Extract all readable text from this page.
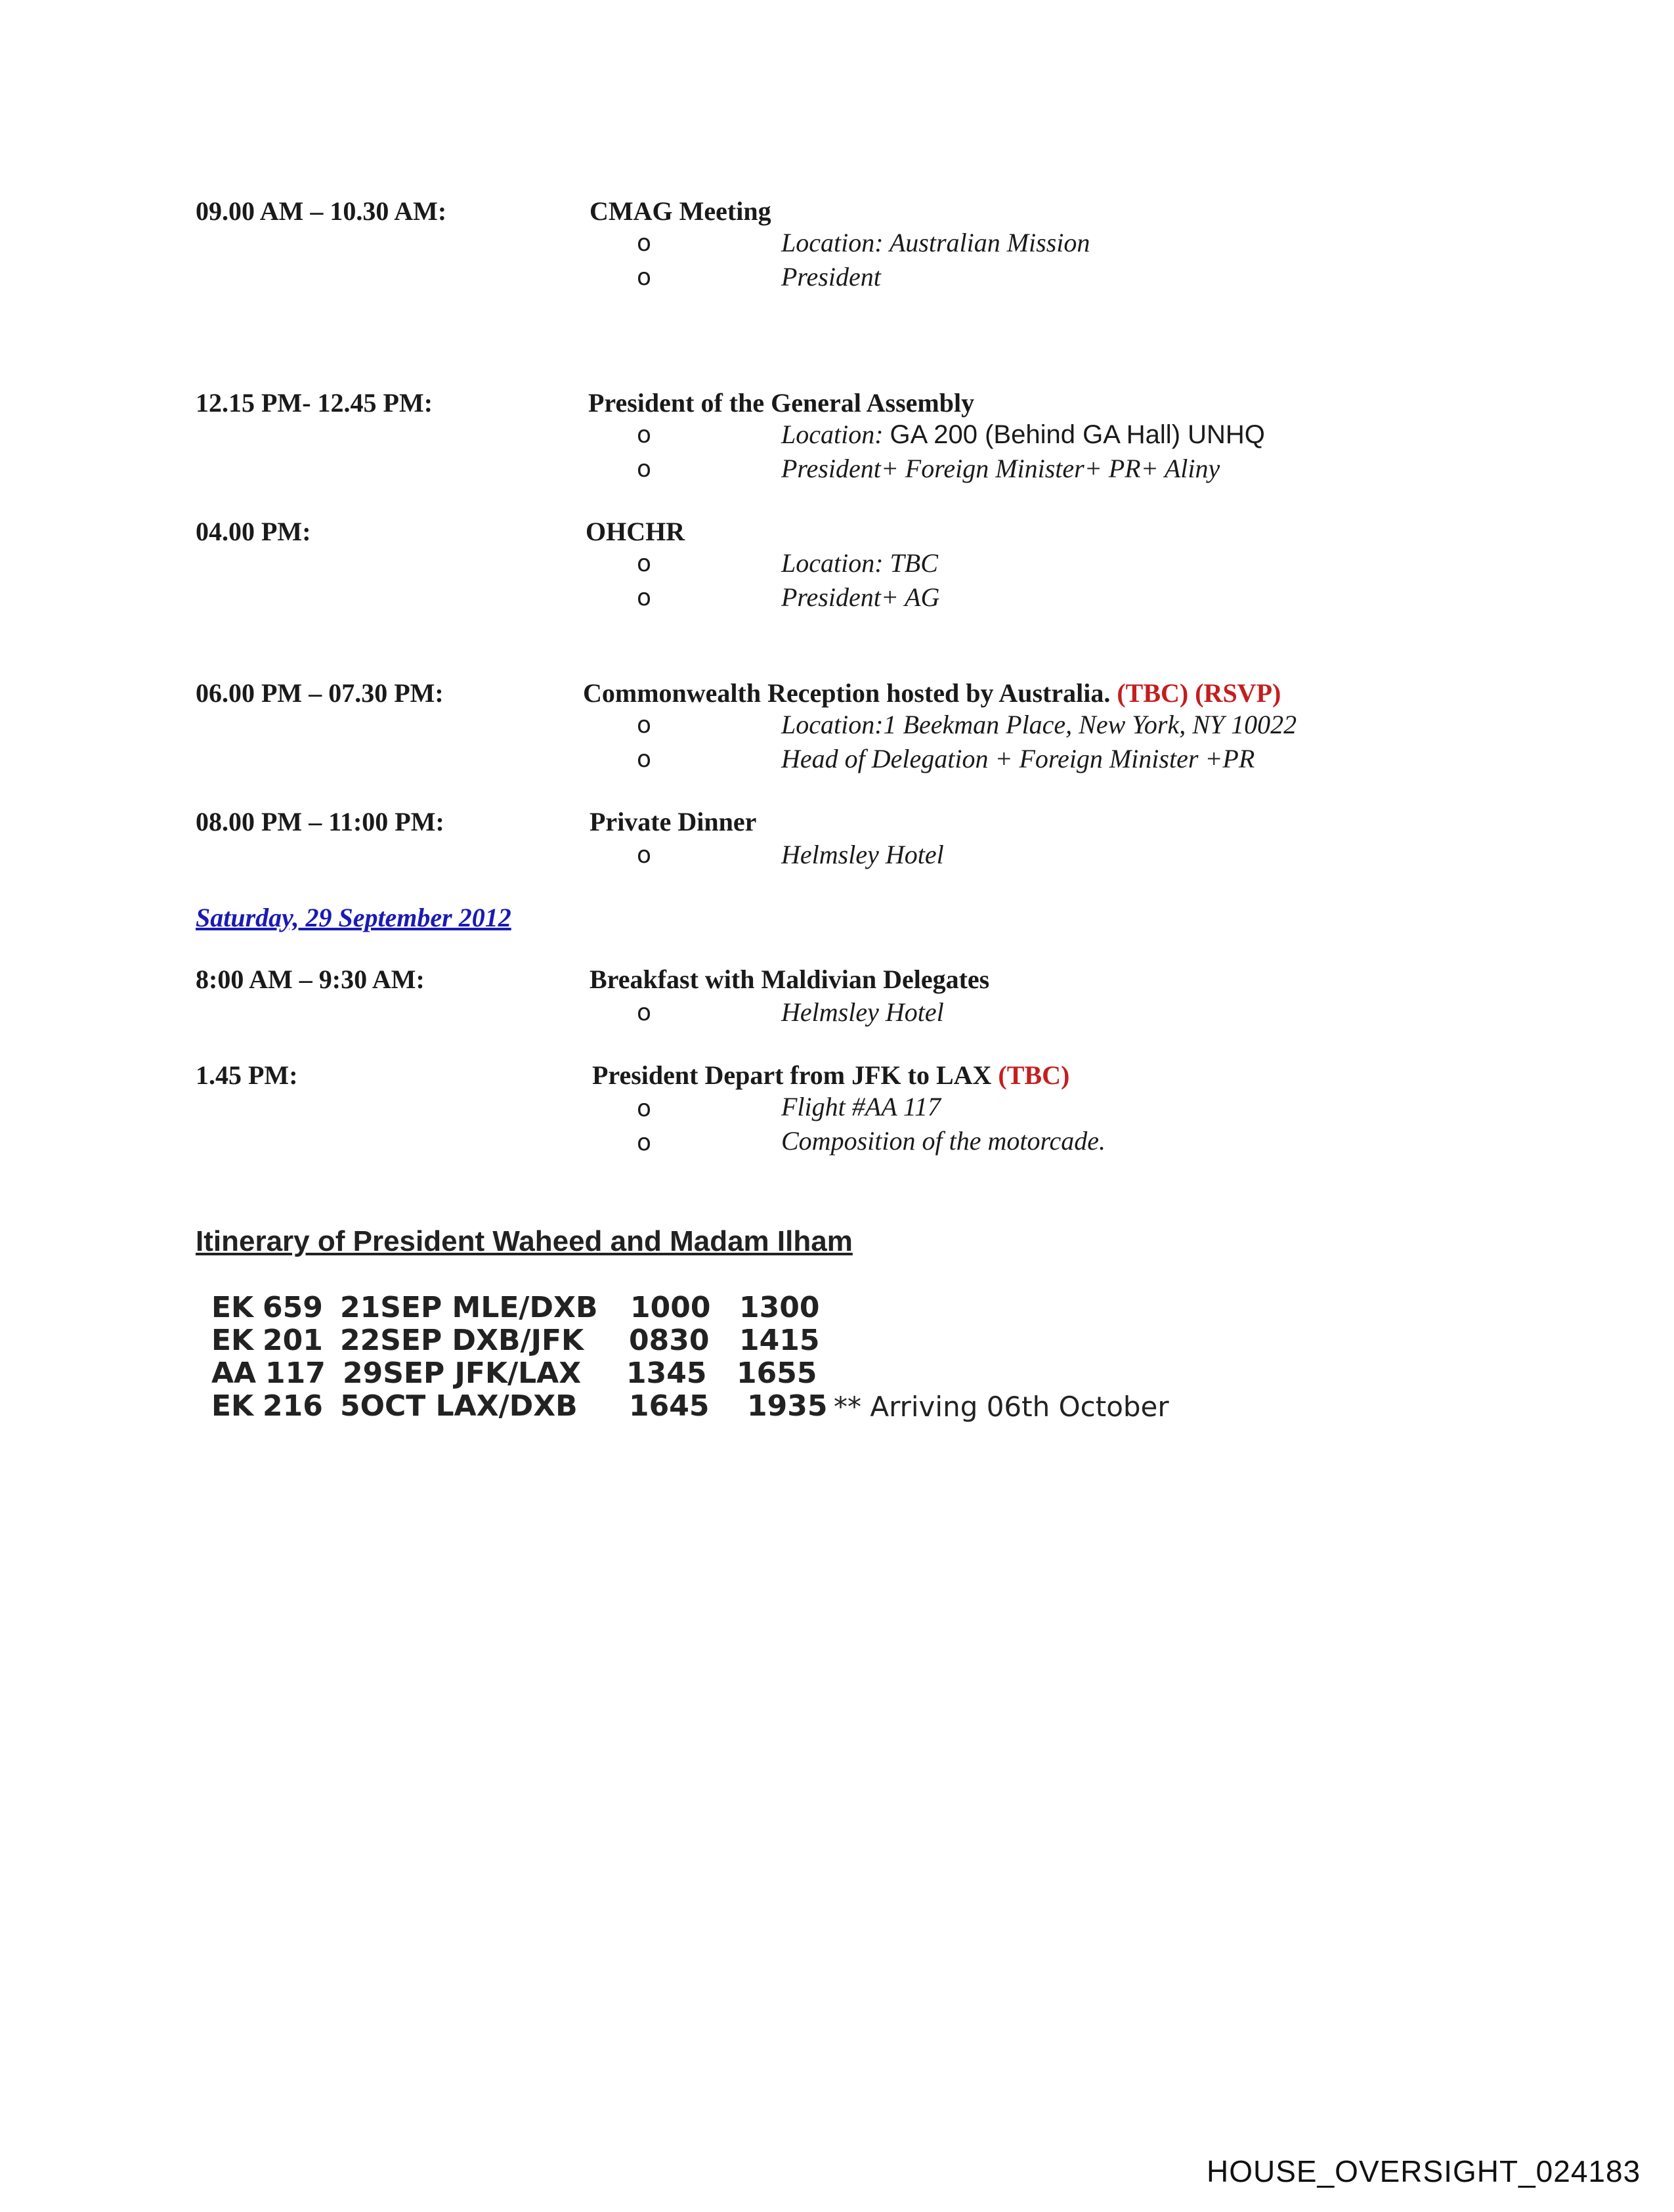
09.00 AM – 10.30 AM:	CMAG Meeting
o	Location: Australian Mission
o	President
12.15 PM- 12.45 PM:	President of the General Assembly
o	Location: GA 200 (Behind GA Hall) UNHQ
o	President+ Foreign Minister+ PR+ Aliny
04.00 PM:	OHCHR
o	Location: TBC
o	President+ AG
06.00 PM – 07.30 PM:	Commonwealth Reception hosted by Australia. (TBC) (RSVP)
o	Location:1 Beekman Place, New York, NY 10022
o	Head of Delegation + Foreign Minister +PR
08.00 PM – 11:00 PM:	Private Dinner
o	Helmsley Hotel
Saturday, 29 September 2012
8:00 AM – 9:30 AM:	Breakfast with Maldivian Delegates
o	Helmsley Hotel
1.45 PM:	President Depart from JFK to LAX (TBC)
o	Flight #AA 117
o	Composition of the motorcade.
Itinerary of President Waheed and Madam Ilham
EK 659 21SEP MLE/DXB 1000 1300
EK 201 22SEP DXB/JFK 0830 1415
AA 117 29SEP JFK/LAX 1345 1655
EK 216 5OCT LAX/DXB 1645 1935 ** Arriving 06th October
HOUSE_OVERSIGHT_024183
